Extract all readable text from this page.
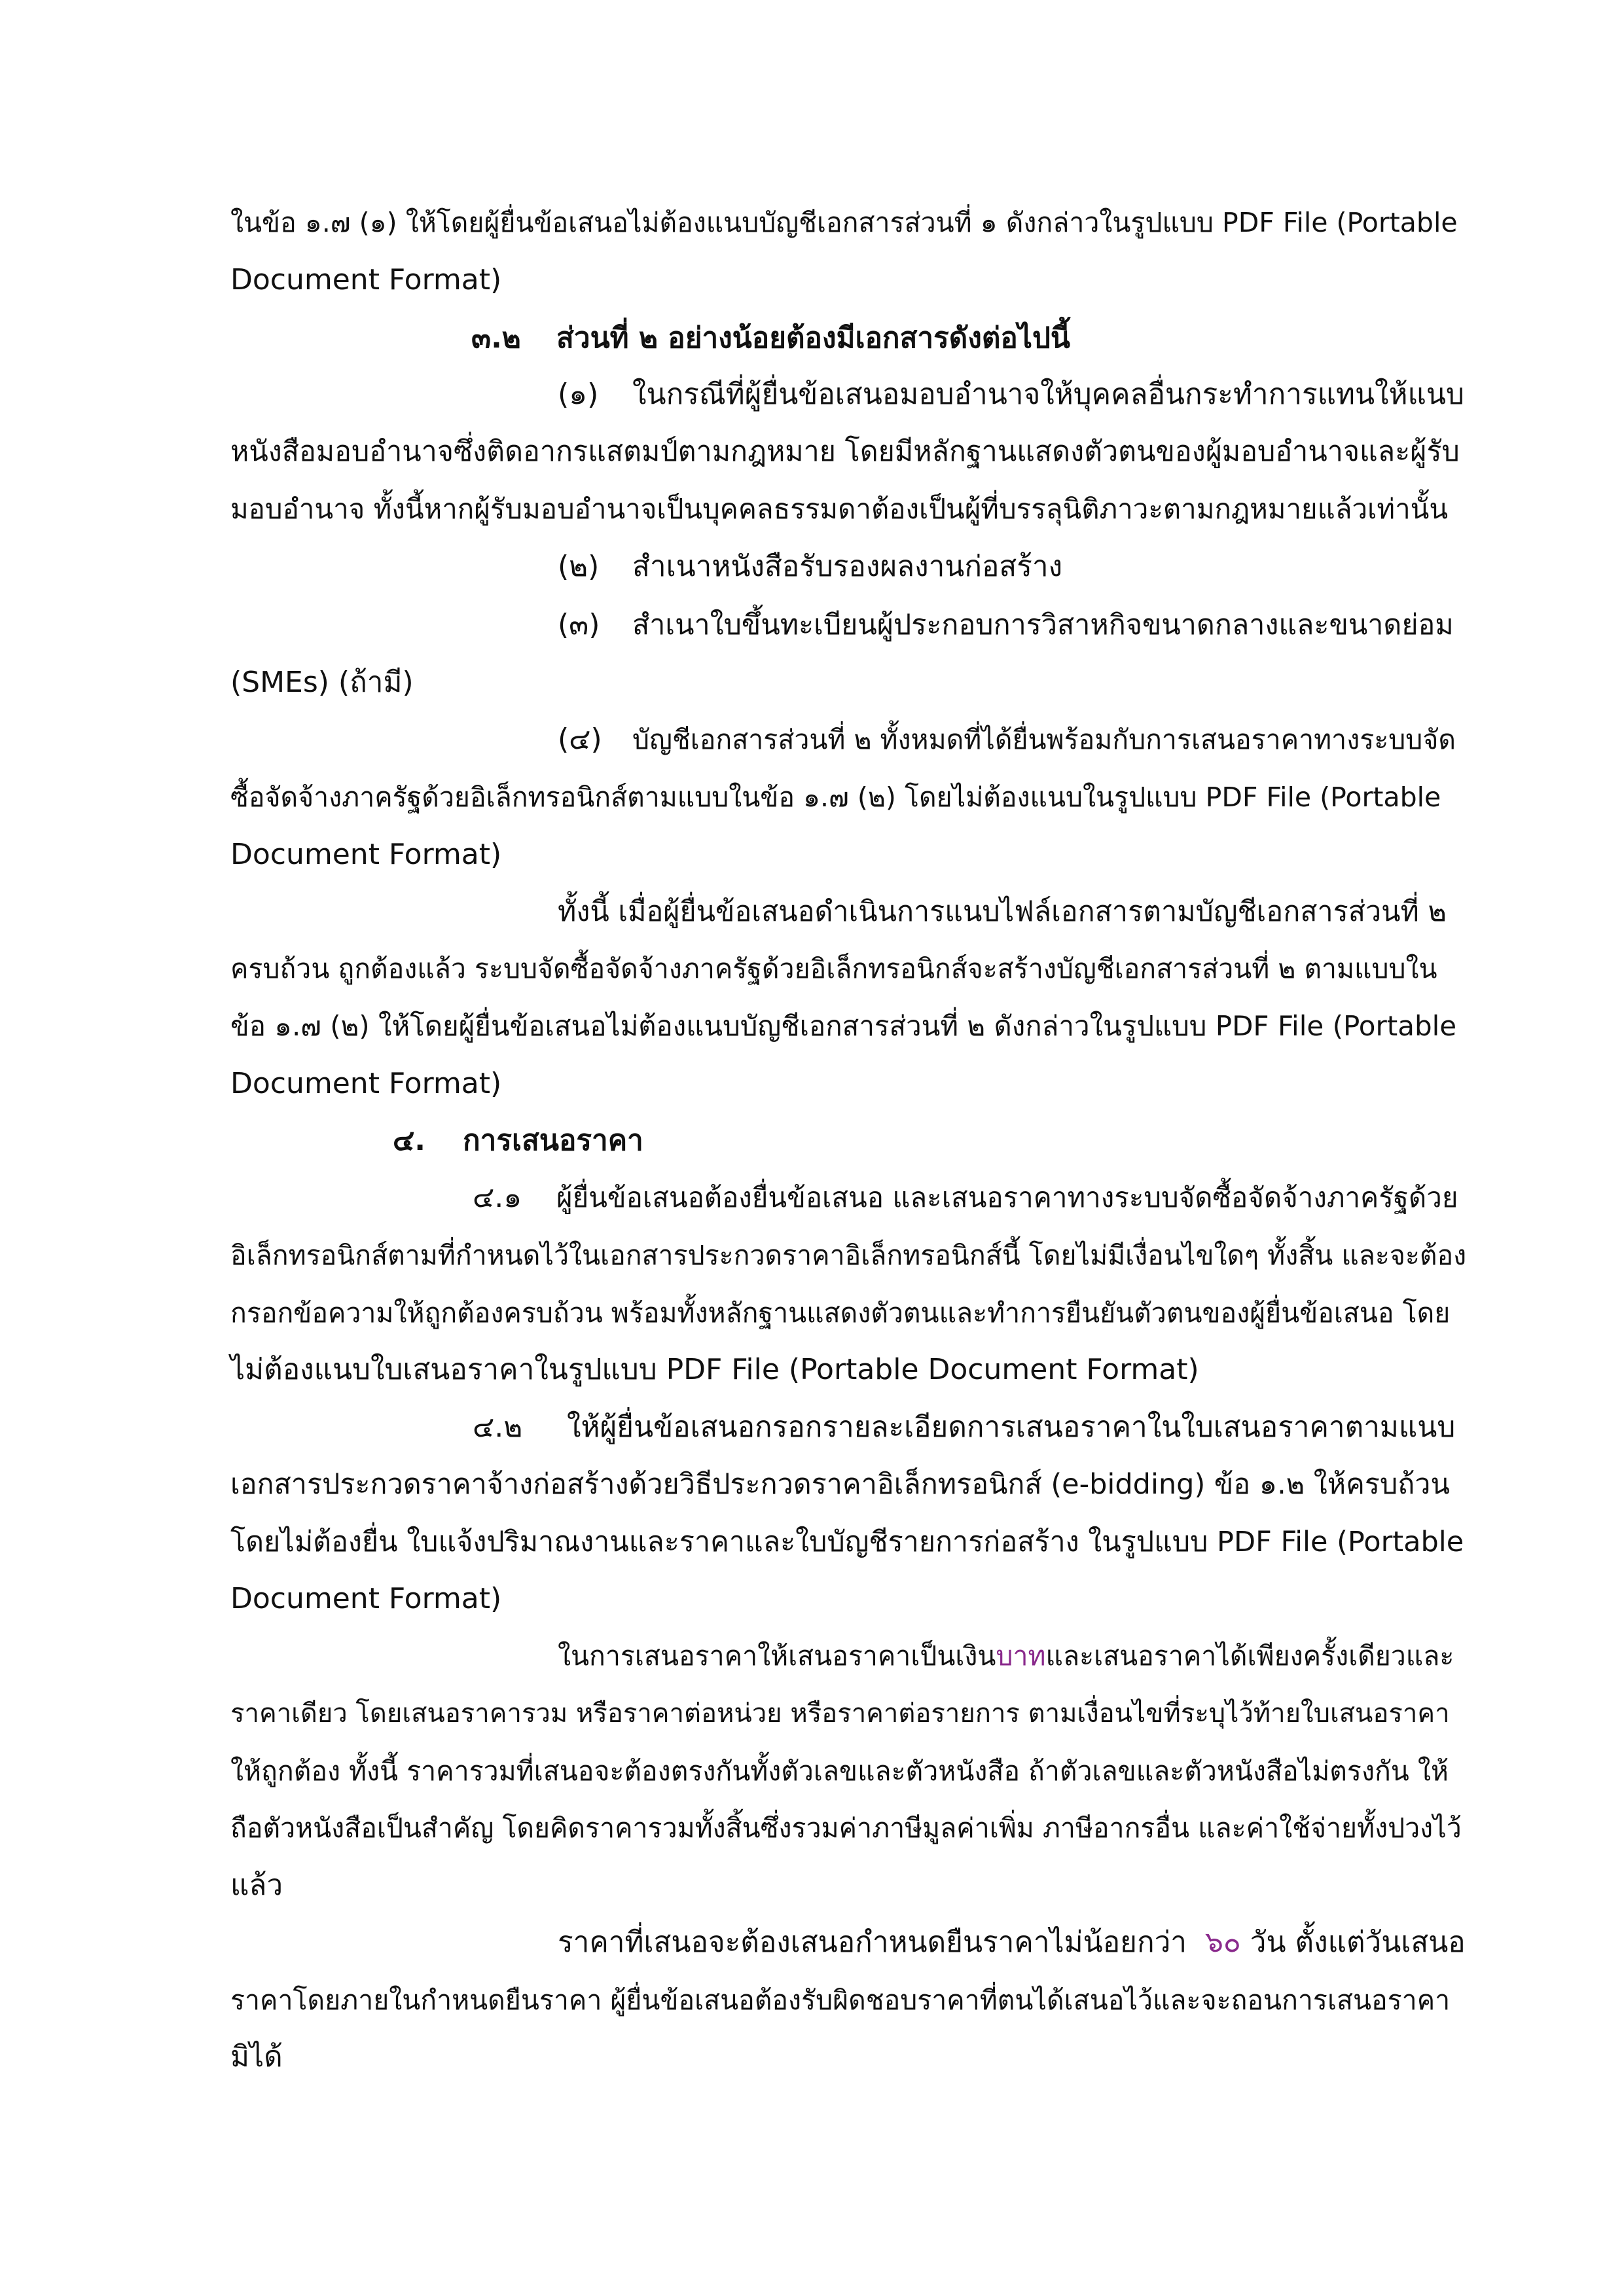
ในข้อ ๑.๗ (๑) ให้โดยผู้ยื่นข้อเสนอไม่ต้องแนบบัญชีเอกสารส่วนที่ ๑ ดังกล่าวในรูปแบบ PDF File (Portable
Document Format)
๓.๒ ส่วนที่ ๒ อย่างน้อยต้องมีเอกสารดังต่อไปนี้
(๑) ในกรณีที่ผู้ยื่นข้อเสนอมอบอำนาจให้บุคคลอื่นกระทำการแทนให้แนบ
หนังสือมอบอำนาจซึ่งติดอากรแสตมป์ตามกฎหมาย โดยมีหลักฐานแสดงตัวตนของผู้มอบอำนาจและผู้รับ
มอบอำนาจ ทั้งนี้หากผู้รับมอบอำนาจเป็นบุคคลธรรมดาต้องเป็นผู้ที่บรรลุนิติภาวะตามกฎหมายแล้วเท่านั้น
(๒) สำเนาหนังสือรับรองผลงานก่อสร้าง
(๓) สำเนาใบขึ้นทะเบียนผู้ประกอบการวิสาหกิจขนาดกลางและขนาดย่อม
(SMEs) (ถ้ามี)
(๔) บัญชีเอกสารส่วนที่ ๒ ทั้งหมดที่ได้ยื่นพร้อมกับการเสนอราคาทางระบบจัด
ซื้อจัดจ้างภาครัฐด้วยอิเล็กทรอนิกส์ตามแบบในข้อ ๑.๗ (๒) โดยไม่ต้องแนบในรูปแบบ PDF File (Portable
Document Format)
ทั้งนี้ เมื่อผู้ยื่นข้อเสนอดำเนินการแนบไฟล์เอกสารตามบัญชีเอกสารส่วนที่ ๒
ครบถ้วน ถูกต้องแล้ว ระบบจัดซื้อจัดจ้างภาครัฐด้วยอิเล็กทรอนิกส์จะสร้างบัญชีเอกสารส่วนที่ ๒ ตามแบบใน
ข้อ ๑.๗ (๒) ให้โดยผู้ยื่นข้อเสนอไม่ต้องแนบบัญชีเอกสารส่วนที่ ๒ ดังกล่าวในรูปแบบ PDF File (Portable
Document Format)
๔. การเสนอราคา
๔.๑ ผู้ยื่นข้อเสนอต้องยื่นข้อเสนอ และเสนอราคาทางระบบจัดซื้อจัดจ้างภาครัฐด้วย
อิเล็กทรอนิกส์ตามที่กำหนดไว้ในเอกสารประกวดราคาอิเล็กทรอนิกส์นี้ โดยไม่มีเงื่อนไขใดๆ ทั้งสิ้น และจะต้อง
กรอกข้อความให้ถูกต้องครบถ้วน พร้อมทั้งหลักฐานแสดงตัวตนและทำการยืนยันตัวตนของผู้ยื่นข้อเสนอ โดย
ไม่ต้องแนบใบเสนอราคาในรูปแบบ PDF File (Portable Document Format)
๔.๒ ให้ผู้ยื่นข้อเสนอกรอกรายละเอียดการเสนอราคาในใบเสนอราคาตามแนบ
เอกสารประกวดราคาจ้างก่อสร้างด้วยวิธีประกวดราคาอิเล็กทรอนิกส์ (e-bidding) ข้อ ๑.๒ ให้ครบถ้วน
โดยไม่ต้องยื่น ใบแจ้งปริมาณงานและราคาและใบบัญชีรายการก่อสร้าง ในรูปแบบ PDF File (Portable
Document Format)
ในการเสนอราคาให้เสนอราคาเป็นเงินบาทและเสนอราคาได้เพียงครั้งเดียวและ
ราคาเดียว โดยเสนอราคารวม หรือราคาต่อหน่วย หรือราคาต่อรายการ ตามเงื่อนไขที่ระบุไว้ท้ายใบเสนอราคา
ให้ถูกต้อง ทั้งนี้ ราคารวมที่เสนอจะต้องตรงกันทั้งตัวเลขและตัวหนังสือ ถ้าตัวเลขและตัวหนังสือไม่ตรงกัน ให้
ถือตัวหนังสือเป็นสำคัญ โดยคิดราคารวมทั้งสิ้นซึ่งรวมค่าภาษีมูลค่าเพิ่ม ภาษีอากรอื่น และค่าใช้จ่ายทั้งปวงไว้
แล้ว
ราคาที่เสนอจะต้องเสนอกำหนดยืนราคาไม่น้อยกว่า ๖๐ วัน ตั้งแต่วันเสนอ
ราคาโดยภายในกำหนดยืนราคา ผู้ยื่นข้อเสนอต้องรับผิดชอบราคาที่ตนได้เสนอไว้และจะถอนการเสนอราคา
มิได้
